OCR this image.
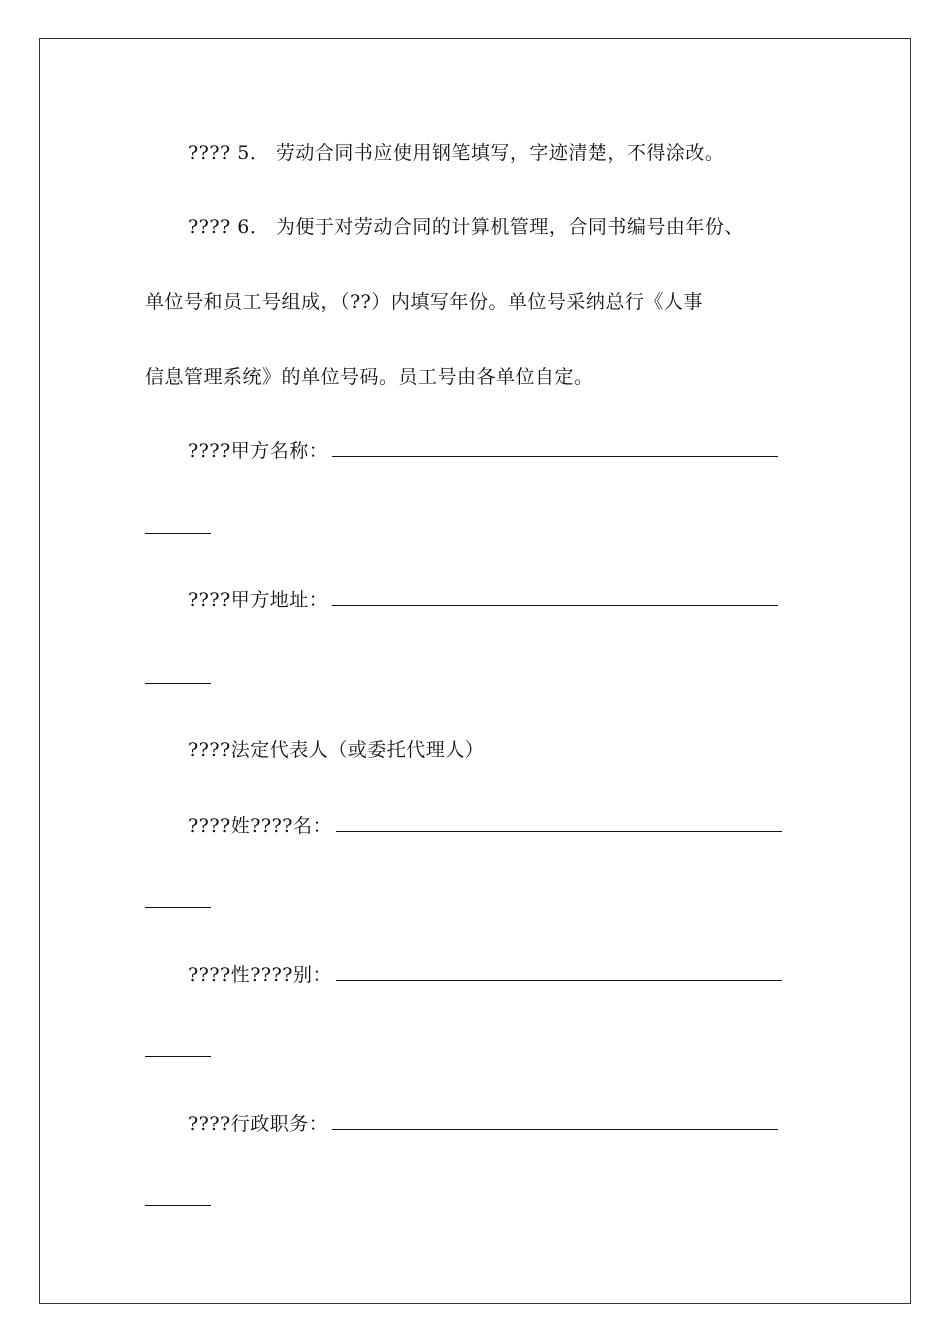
???? 5． 劳动合同书应使用钢笔填写，字迹清楚，不得涂改。
???? 6． 为便于对劳动合同的计算机管理，合同书编号由年份、
单位号和员工号组成，（??）内填写年份。单位号采纳总行《人事
信息管理系统》的单位号码。员工号由各单位自定。
????甲方名称：
????甲方地址：
????法定代表人（或委托代理人）
????姓????名：
????性????别：
????行政职务：
